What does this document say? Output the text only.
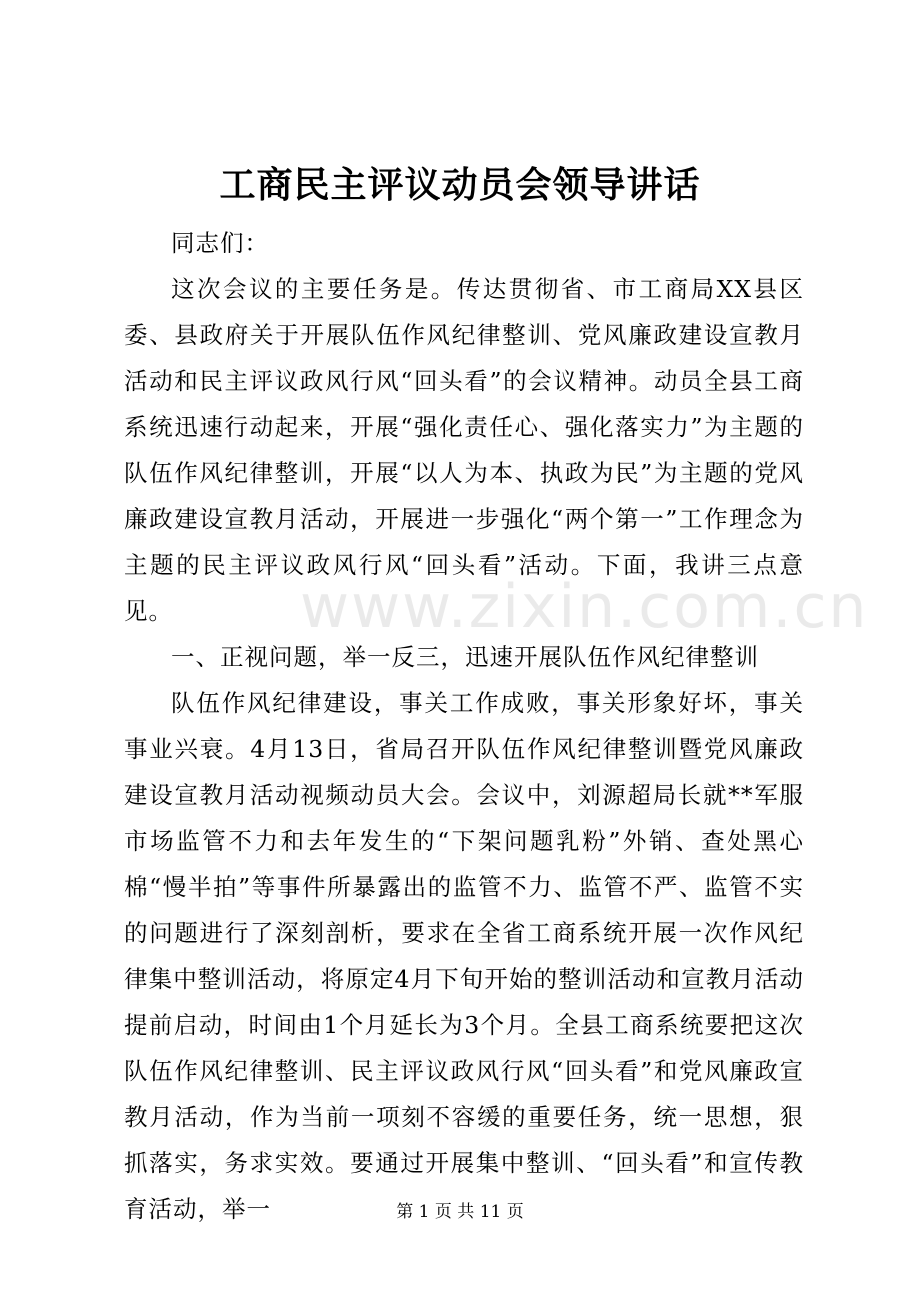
工商民主评议动员会领导讲话

同志们：

这次会议的主要任务是。传达贯彻省、市工商局XX县区委、县政府关于开展队伍作风纪律整训、党风廉政建设宣教月活动和民主评议政风行风“回头看”的会议精神。动员全县工商系统迅速行动起来，开展“强化责任心、强化落实力”为主题的队伍作风纪律整训，开展“以人为本、执政为民”为主题的党风廉政建设宣教月活动，开展进一步强化“两个第一”工作理念为主题的民主评议政风行风“回头看”活动。下面，我讲三点意见。

一、正视问题，举一反三，迅速开展队伍作风纪律整训

队伍作风纪律建设，事关工作成败，事关形象好坏，事关事业兴衰。4月13日，省局召开队伍作风纪律整训暨党风廉政建设宣教月活动视频动员大会。会议中，刘源超局长就**军服市场监管不力和去年发生的“下架问题乳粉”外销、查处黑心棉“慢半拍”等事件所暴露出的监管不力、监管不严、监管不实的问题进行了深刻剖析，要求在全省工商系统开展一次作风纪律集中整训活动，将原定4月下旬开始的整训活动和宣教月活动提前启动，时间由1个月延长为3个月。全县工商系统要把这次队伍作风纪律整训、民主评议政风行风“回头看”和党风廉政宣教月活动，作为当前一项刻不容缓的重要任务，统一思想，狠抓落实，务求实效。要通过开展集中整训、“回头看”和宣传教育活动，举一

www.zixin.com.cn
第 1 页 共 11 页
